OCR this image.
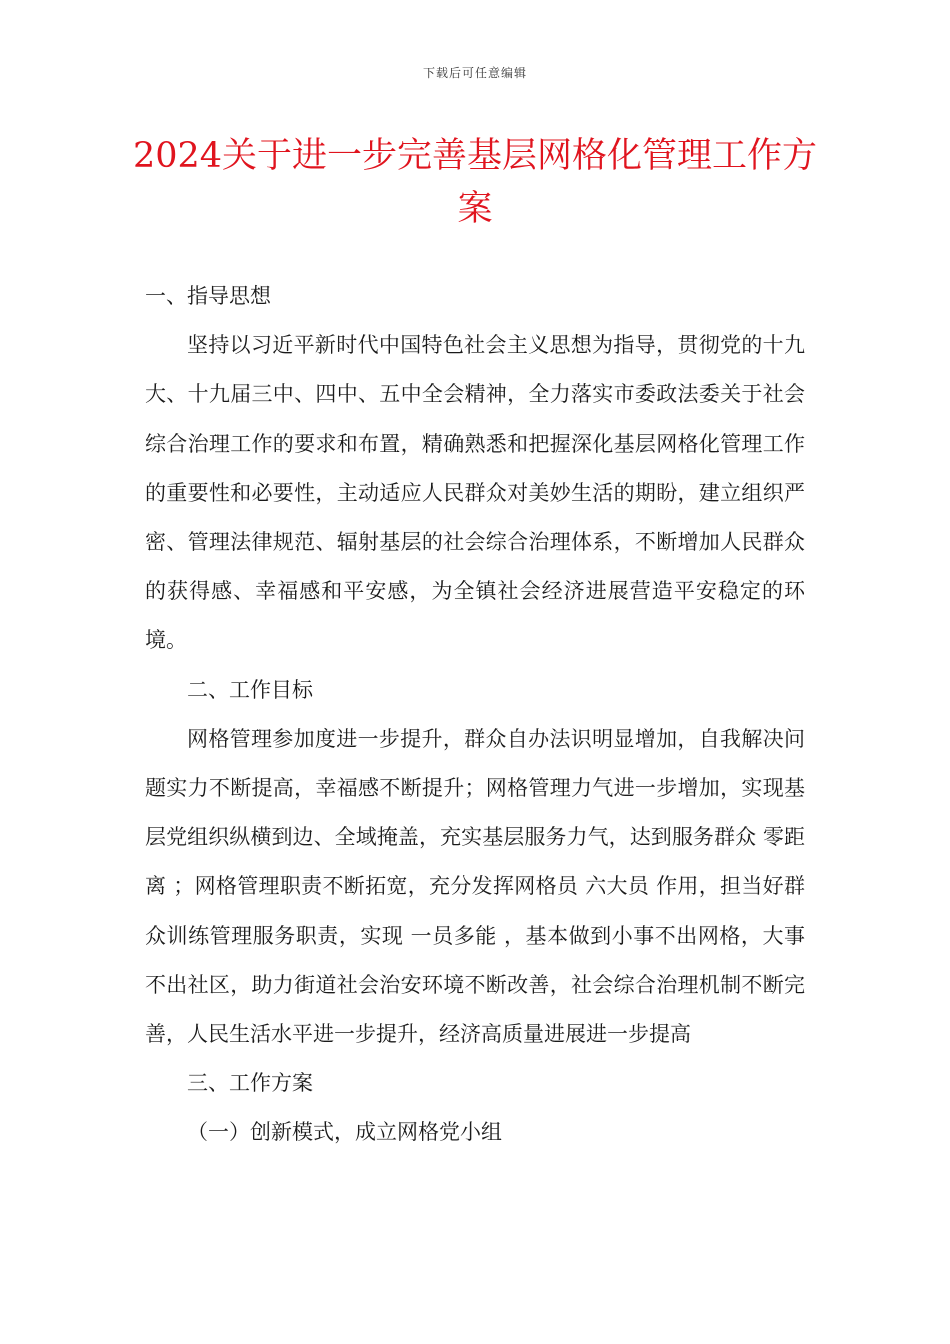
下载后可任意编辑
2024关于进一步完善基层网格化管理工作方案

一、指导思想

坚持以习近平新时代中国特色社会主义思想为指导，贯彻党的十九大、十九届三中、四中、五中全会精神，全力落实市委政法委关于社会综合治理工作的要求和布置，精确熟悉和把握深化基层网格化管理工作的重要性和必要性，主动适应人民群众对美妙生活的期盼，建立组织严密、管理法律规范、辐射基层的社会综合治理体系，不断增加人民群众的获得感、幸福感和平安感，为全镇社会经济进展营造平安稳定的环境。

二、工作目标

网格管理参加度进一步提升，群众自办法识明显增加，自我解决问题实力不断提高，幸福感不断提升；网格管理力气进一步增加，实现基层党组织纵横到边、全域掩盖，充实基层服务力气，达到服务群众 零距离 ；网格管理职责不断拓宽，充分发挥网格员 六大员 作用，担当好群众训练管理服务职责，实现 一员多能 ，基本做到小事不出网格，大事不出社区，助力街道社会治安环境不断改善，社会综合治理机制不断完善，人民生活水平进一步提升，经济高质量进展进一步提高

三、工作方案

（一）创新模式，成立网格党小组
